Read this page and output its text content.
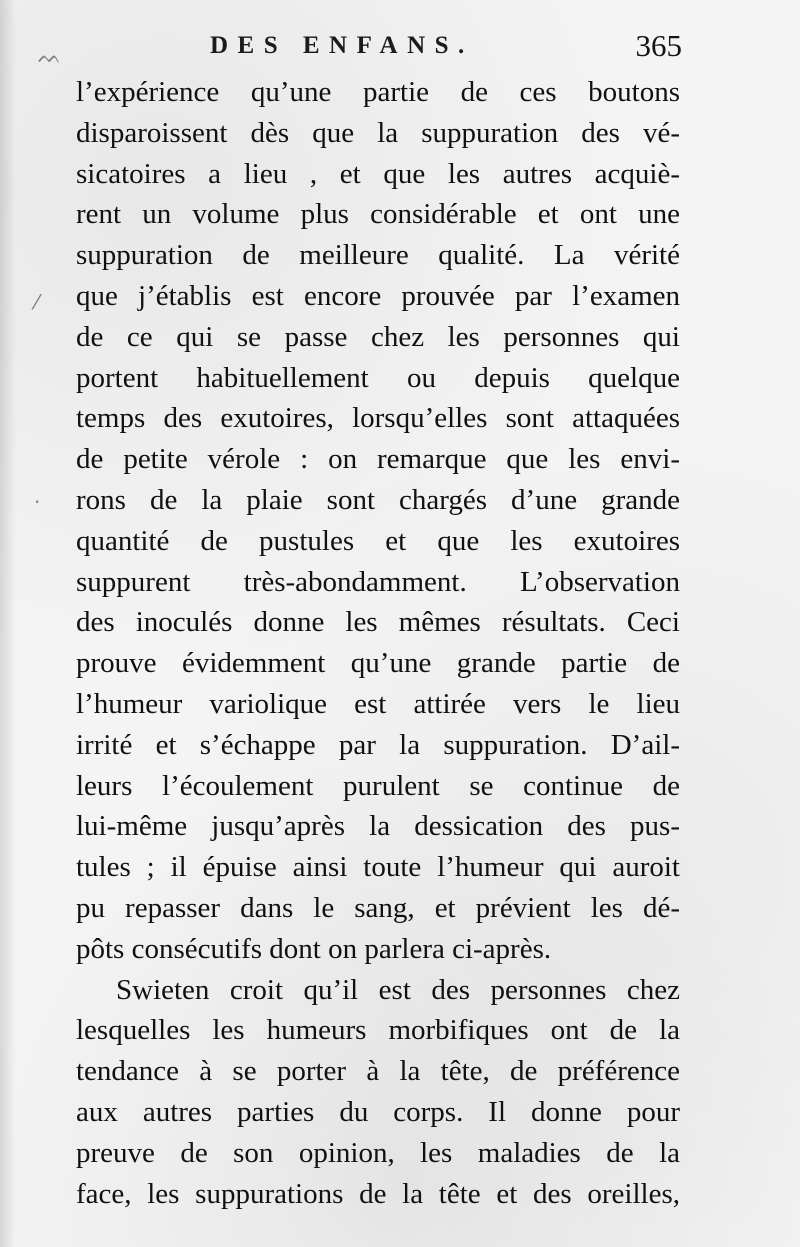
DES ENFANS.	365
l’expérience qu’une partie de ces boutons
disparoissent dès que la suppuration des vé-
sicatoires a lieu , et que les autres acquiè-
rent un volume plus considérable et ont une
suppuration de meilleure qualité. La vérité
que j’établis est encore prouvée par l’examen
de ce qui se passe chez les personnes qui
portent habituellement ou depuis quelque
temps des exutoires, lorsqu’elles sont attaquées
de petite vérole : on remarque que les envi-
rons de la plaie sont chargés d’une grande
quantité de pustules et que les exutoires
suppurent très-abondamment. L’observation
des inoculés donne les mêmes résultats. Ceci
prouve évidemment qu’une grande partie de
l’humeur variolique est attirée vers le lieu
irrité et s’échappe par la suppuration. D’ail-
leurs l’écoulement purulent se continue de
lui-même jusqu’après la dessication des pus-
tules ; il épuise ainsi toute l’humeur qui auroit
pu repasser dans le sang, et prévient les dé-
pôts consécutifs dont on parlera ci-après.
Swieten croit qu’il est des personnes chez
lesquelles les humeurs morbifiques ont de la
tendance à se porter à la tête, de préférence
aux autres parties du corps. Il donne pour
preuve de son opinion, les maladies de la
face, les suppurations de la tête et des oreilles,
ᨓ
⁄
·
